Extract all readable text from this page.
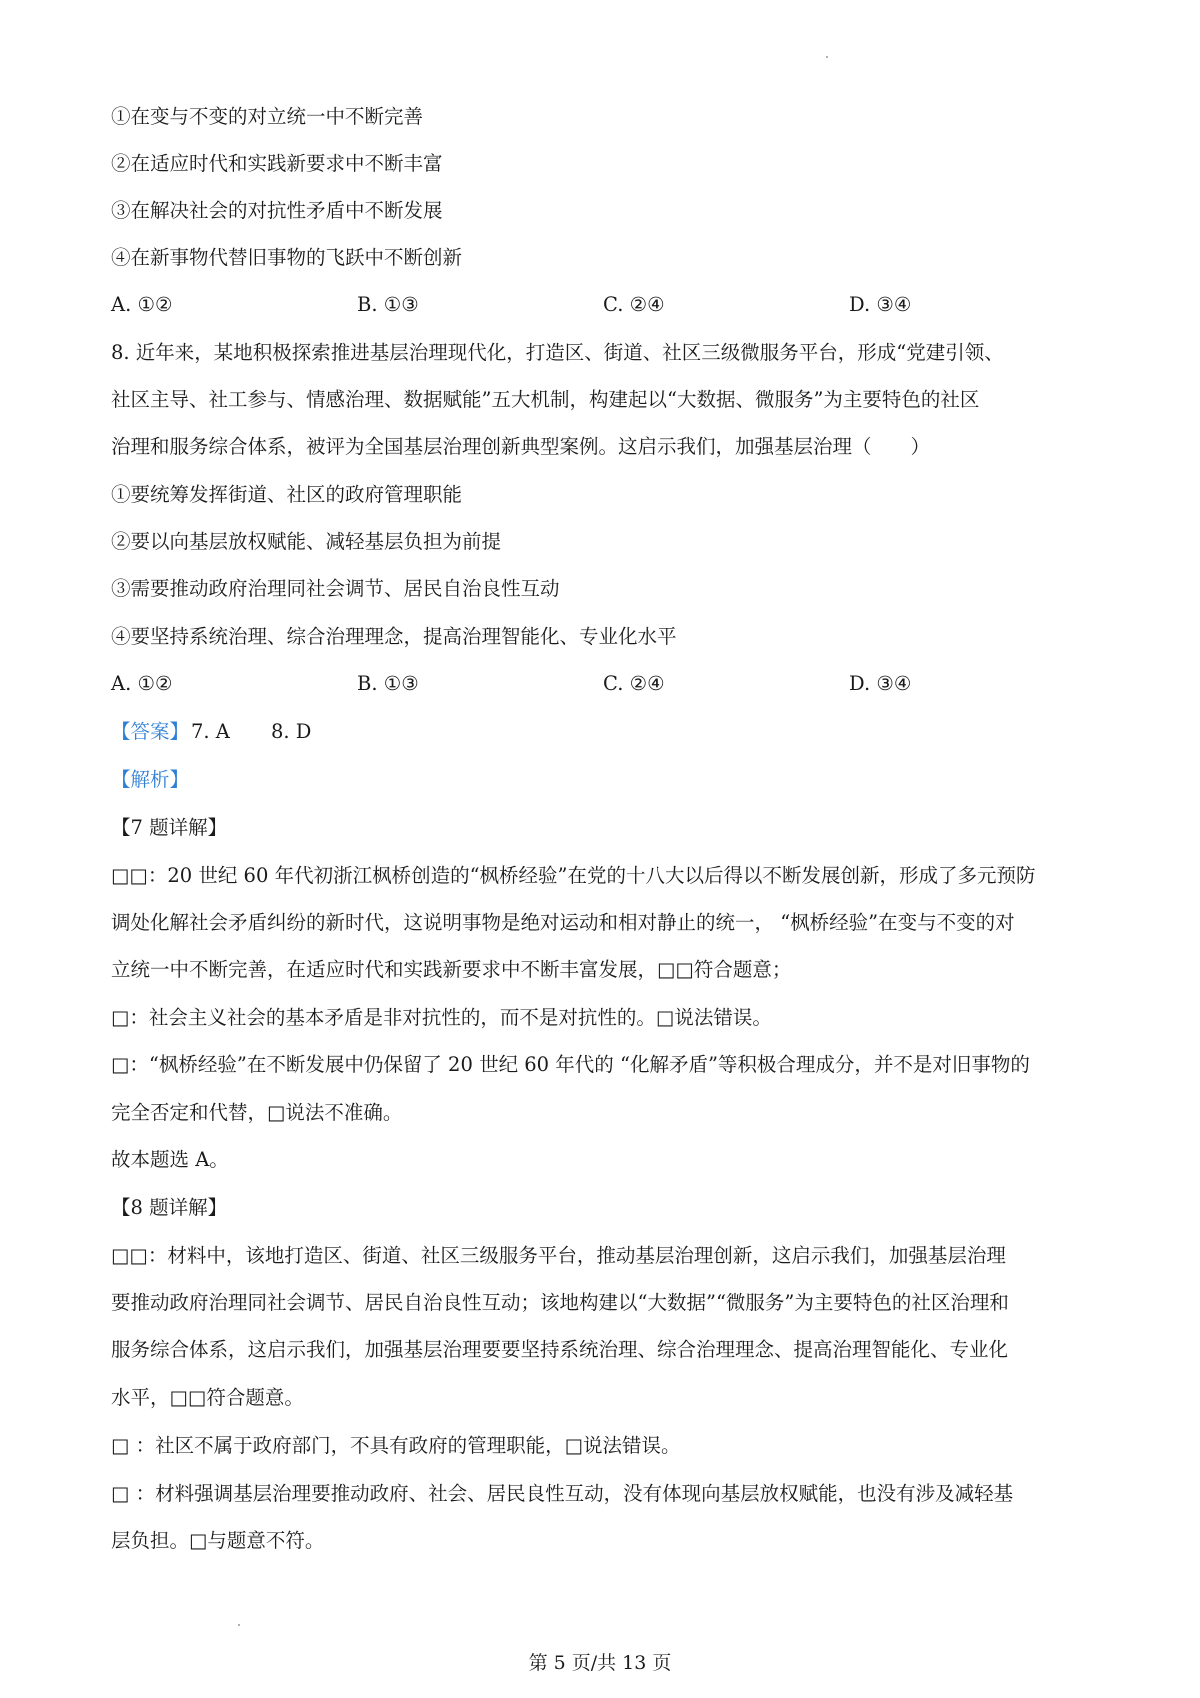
①在变与不变的对立统一中不断完善
②在适应时代和实践新要求中不断丰富
③在解决社会的对抗性矛盾中不断发展
④在新事物代替旧事物的飞跃中不断创新
A. ①②	B. ①③	C. ②④	D. ③④
8. 近年来，某地积极探索推进基层治理现代化，打造区、街道、社区三级微服务平台，形成“党建引领、
社区主导、社工参与、情感治理、数据赋能”五大机制，构建起以“大数据、微服务”为主要特色的社区
治理和服务综合体系，被评为全国基层治理创新典型案例。这启示我们，加强基层治理（　　）
①要统筹发挥街道、社区的政府管理职能
②要以向基层放权赋能、减轻基层负担为前提
③需要推动政府治理同社会调节、居民自治良性互动
④要坚持系统治理、综合治理理念，提高治理智能化、专业化水平
A. ①②	B. ①③	C. ②④	D. ③④
【答案】 7. A 8. D
【解析】
【7 题详解】
□□：20 世纪 60 年代初浙江枫桥创造的“枫桥经验”在党的十八大以后得以不断发展创新，形成了多元预防
调处化解社会矛盾纠纷的新时代，这说明事物是绝对运动和相对静止的统一， “枫桥经验”在变与不变的对
立统一中不断完善，在适应时代和实践新要求中不断丰富发展，□□符合题意；
□：社会主义社会的基本矛盾是非对抗性的，而不是对抗性的。□说法错误。
□：“枫桥经验”在不断发展中仍保留了 20 世纪 60 年代的 “化解矛盾”等积极合理成分，并不是对旧事物的
完全否定和代替，□说法不准确。
故本题选 A。
【8 题详解】
□□：材料中，该地打造区、街道、社区三级服务平台，推动基层治理创新，这启示我们，加强基层治理
要推动政府治理同社会调节、居民自治良性互动；该地构建以“大数据”“微服务”为主要特色的社区治理和
服务综合体系，这启示我们，加强基层治理要要坚持系统治理、综合治理理念、提高治理智能化、专业化
水平，□□符合题意。
□ ：社区不属于政府部门，不具有政府的管理职能，□说法错误。
□ ：材料强调基层治理要推动政府、社会、居民良性互动，没有体现向基层放权赋能，也没有涉及减轻基
层负担。□与题意不符。
第 5 页/共 13 页
